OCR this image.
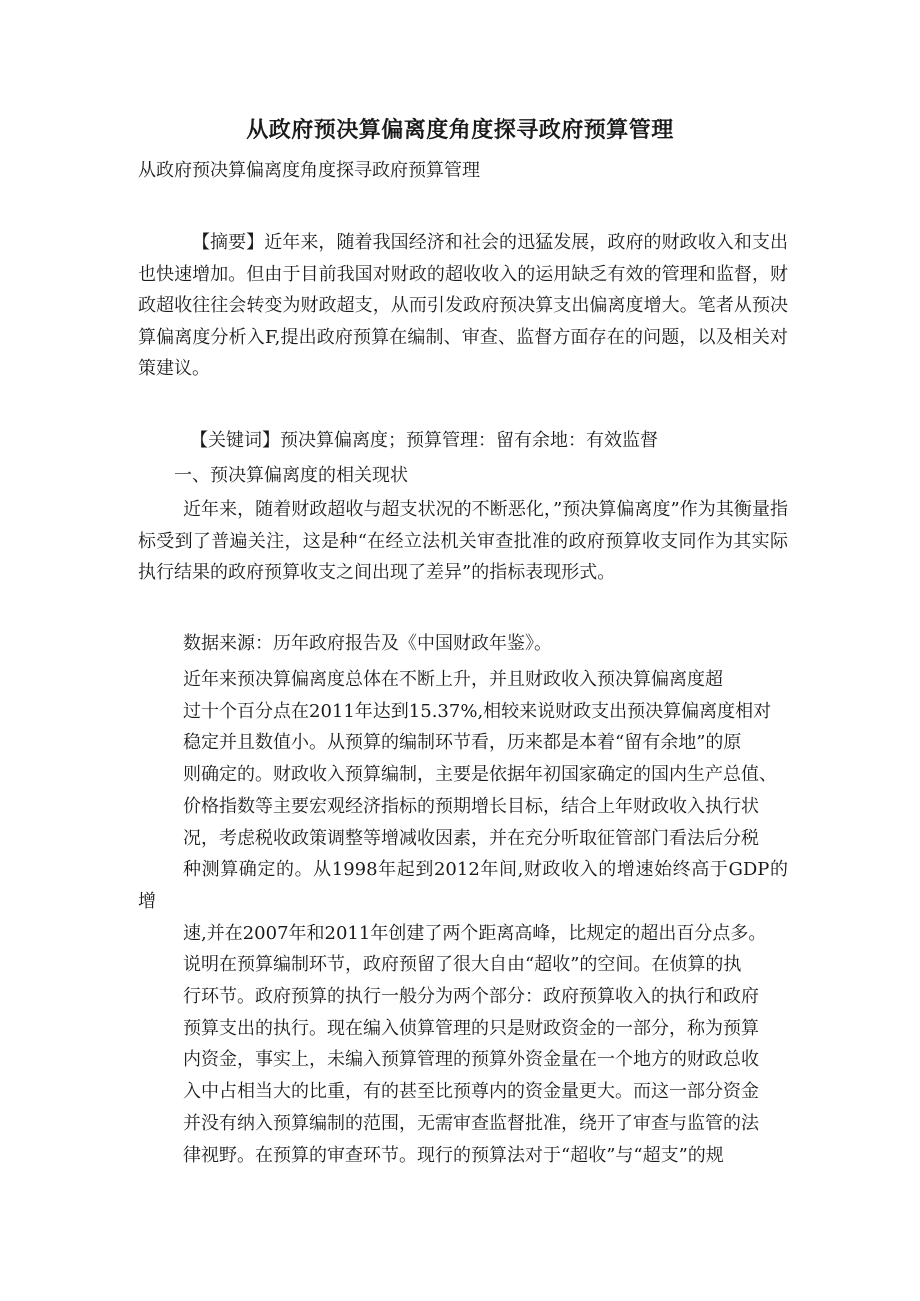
从政府预决算偏离度角度探寻政府预算管理

从政府预决算偏离度角度探寻政府预算管理

【摘要】近年来，随着我国经济和社会的迅猛发展，政府的财政收入和支出也快速增加。但由于目前我国对财政的超收收入的运用缺乏有效的管理和监督，财政超收往往会转变为财政超支，从而引发政府预决算支出偏离度增大。笔者从预决算偏离度分析入F,提出政府预算在编制、审查、监督方面存在的问题，以及相关对策建议。

【关键词】预决算偏离度；预算管理：留有余地：有效监督

一、预决算偏离度的相关现状

近年来，随着财政超收与超支状况的不断恶化，”预决算偏离度”作为其衡量指标受到了普遍关注，这是种“在经立法机关审查批准的政府预算收支同作为其实际执行结果的政府预算收支之间出现了差异”的指标表现形式。

数据来源：历年政府报告及《中国财政年鉴》。

近年来预决算偏离度总体在不断上升，并且财政收入预决算偏离度超
过十个百分点在2011年达到15.37%,相较来说财政支出预决算偏离度相对
稳定并且数值小。从预算的编制环节看，历来都是本着“留有余地”的原
则确定的。财政收入预算编制，主要是依据年初国家确定的国内生产总值、
价格指数等主要宏观经济指标的预期增长目标，结合上年财政收入执行状
况，考虑税收政策调整等增减收因素，并在充分听取征管部门看法后分税
种测算确定的。从1998年起到2012年间,财政收入的增速始终高于GDP的增
速,并在2007年和2011年创建了两个距离高峰，比规定的超出百分点多。
说明在预算编制环节，政府预留了很大自由“超收”的空间。在侦算的执
行环节。政府预算的执行一般分为两个部分：政府预算收入的执行和政府
预算支出的执行。现在编入侦算管理的只是财政资金的一部分，称为预算
内资金，事实上，未编入预算管理的预算外资金量在一个地方的财政总收
入中占相当大的比重，有的甚至比预尊内的资金量更大。而这一部分资金
并没有纳入预算编制的范围，无需审查监督批准，绕开了审查与监管的法
律视野。在预算的审查环节。现行的预算法对于“超收”与“超支”的规
